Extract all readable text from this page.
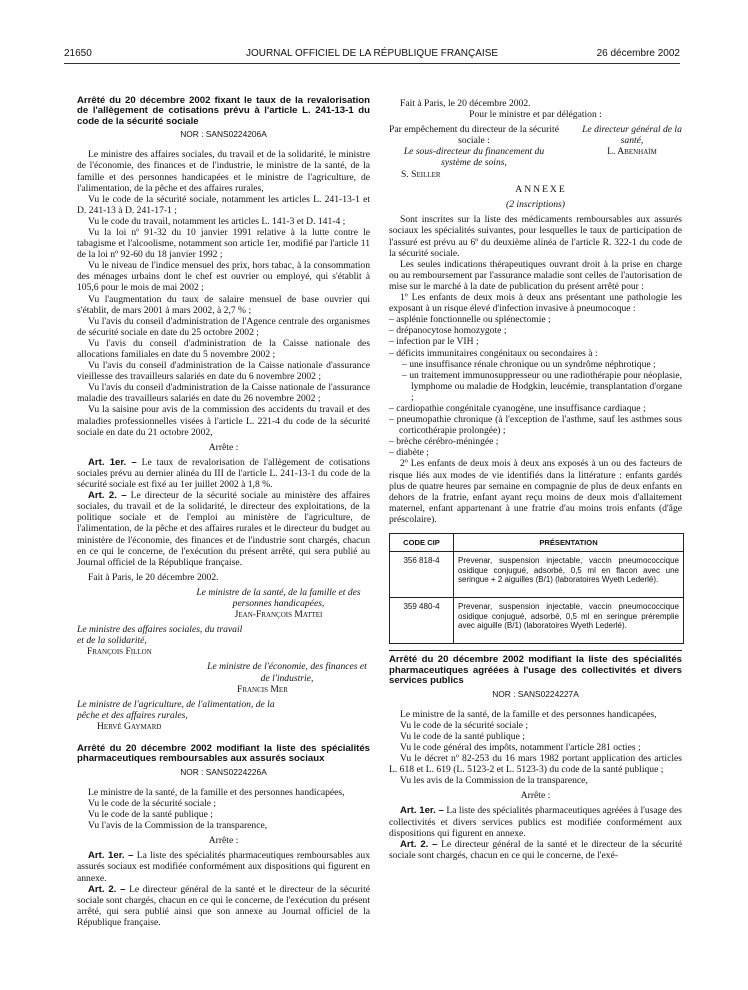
21650	JOURNAL OFFICIEL DE LA RÉPUBLIQUE FRANÇAISE	26 décembre 2002
Arrêté du 20 décembre 2002 fixant le taux de la revalorisation de l'allègement de cotisations prévu à l'article L. 241-13-1 du code de la sécurité sociale
NOR : SANS0224206A

Le ministre des affaires sociales, du travail et de la solidarité, le ministre de l'économie, des finances et de l'industrie, le ministre de la santé, de la famille et des personnes handicapées et le ministre de l'agriculture, de l'alimentation, de la pêche et des affaires rurales,

Vu le code de la sécurité sociale, notamment les articles L. 241-13-1 et D. 241-13 à D. 241-17-1 ;

Vu le code du travail, notamment les articles L. 141-3 et D. 141-4 ;

Vu la loi nº 91-32 du 10 janvier 1991 relative à la lutte contre le tabagisme et l'alcoolisme, notamment son article 1er, modifié par l'article 11 de la loi nº 92-60 du 18 janvier 1992 ;

Vu le niveau de l'indice mensuel des prix, hors tabac, à la consommation des ménages urbains dont le chef est ouvrier ou employé, qui s'établit à 105,6 pour le mois de mai 2002 ;

Vu l'augmentation du taux de salaire mensuel de base ouvrier qui s'établit, de mars 2001 à mars 2002, à 2,7 % ;

Vu l'avis du conseil d'administration de l'Agence centrale des organismes de sécurité sociale en date du 25 octobre 2002 ;

Vu l'avis du conseil d'administration de la Caisse nationale des allocations familiales en date du 5 novembre 2002 ;

Vu l'avis du conseil d'administration de la Caisse nationale d'assurance vieillesse des travailleurs salariés en date du 6 novembre 2002 ;

Vu l'avis du conseil d'administration de la Caisse nationale de l'assurance maladie des travailleurs salariés en date du 26 novembre 2002 ;

Vu la saisine pour avis de la commission des accidents du travail et des maladies professionnelles visées à l'article L. 221-4 du code de la sécurité sociale en date du 21 octobre 2002,

Arrête :

Art. 1er. – Le taux de revalorisation de l'allègement de cotisations sociales prévu au dernier alinéa du III de l'article L. 241-13-1 du code de la sécurité sociale est fixé au 1er juillet 2002 à 1,8 %.

Art. 2. – Le directeur de la sécurité sociale au ministère des affaires sociales, du travail et de la solidarité, le directeur des exploitations, de la politique sociale et de l'emploi au ministère de l'agriculture, de l'alimentation, de la pêche et des affaires rurales et le directeur du budget au ministère de l'économie, des finances et de l'industrie sont chargés, chacun en ce qui le concerne, de l'exécution du présent arrêté, qui sera publié au Journal officiel de la République française.

Fait à Paris, le 20 décembre 2002.

Le ministre de la santé, de la famille et des personnes handicapées,
Jean-François Mattei
Le ministre des affaires sociales, du travail et de la solidarité,
François Fillon
Le ministre de l'économie, des finances et de l'industrie,
Francis Mer
Le ministre de l'agriculture, de l'alimentation, de la pêche et des affaires rurales,
Hervé Gaymard
Arrêté du 20 décembre 2002 modifiant la liste des spécialités pharmaceutiques remboursables aux assurés sociaux
NOR : SANS0224226A

Le ministre de la santé, de la famille et des personnes handicapées,

Vu le code de la sécurité sociale ;

Vu le code de la santé publique ;

Vu l'avis de la Commission de la transparence,

Arrête :

Art. 1er. – La liste des spécialités pharmaceutiques remboursables aux assurés sociaux est modifiée conformément aux dispositions qui figurent en annexe.

Art. 2. – Le directeur général de la santé et le directeur de la sécurité sociale sont chargés, chacun en ce qui le concerne, de l'exécution du présent arrêté, qui sera publié ainsi que son annexe au Journal officiel de la République française.

Fait à Paris, le 20 décembre 2002.

Pour le ministre et par délégation :

Par empêchement du directeur de la sécurité sociale :
Le sous-directeur du financement du système de soins,
S. Seiller
Le directeur général de la santé,
L. Abenhaïm

ANNEXE

(2 inscriptions)

Sont inscrites sur la liste des médicaments remboursables aux assurés sociaux les spécialités suivantes, pour lesquelles le taux de participation de l'assuré est prévu au 6º du deuxième alinéa de l'article R. 322-1 du code de la sécurité sociale.

Les seules indications thérapeutiques ouvrant droit à la prise en charge ou au remboursement par l'assurance maladie sont celles de l'autorisation de mise sur le marché à la date de publication du présent arrêté pour :

1º Les enfants de deux mois à deux ans présentant une pathologie les exposant à un risque élevé d'infection invasive à pneumocoque :

– asplénie fonctionnelle ou splénectomie ;
– drépanocytose homozygote ;
– infection par le VIH ;
– déficits immunitaires congénitaux ou secondaires à :
– une insuffisance rénale chronique ou un syndrôme néphrotique ;
– un traitement immunosuppresseur ou une radiothérapie pour néoplasie, lymphome ou maladie de Hodgkin, leucémie, transplantation d'organe ;
– cardiopathie congénitale cyanogène, une insuffisance cardiaque ;
– pneumopathie chronique (à l'exception de l'asthme, sauf les asthmes sous corticothérapie prolongée) ;
– brèche cérébro-méningée ;
– diabète ;

2º Les enfants de deux mois à deux ans exposés à un ou des facteurs de risque liés aux modes de vie identifiés dans la littérature : enfants gardés plus de quatre heures par semaine en compagnie de plus de deux enfants en dehors de la fratrie, enfant ayant reçu moins de deux mois d'allaitement maternel, enfant appartenant à une fratrie d'au moins trois enfants (d'âge préscolaire).

CODE CIP	PRÉSENTATION
356 818-4	Prevenar, suspension injectable, vaccin pneumococcique osidique conjugué, adsorbé, 0,5 ml en flacon avec une seringue + 2 aiguilles (B/1) (laboratoires Wyeth Lederlé).
359 480-4	Prevenar, suspension injectable, vaccin pneumococcique osidique conjugué, adsorbé, 0,5 ml en seringue préremplie avec aiguille (B/1) (laboratoires Wyeth Lederlé).
Arrêté du 20 décembre 2002 modifiant la liste des spécialités pharmaceutiques agréées à l'usage des collectivités et divers services publics
NOR : SANS0224227A

Le ministre de la santé, de la famille et des personnes handicapées,

Vu le code de la sécurité sociale ;

Vu le code de la santé publique ;

Vu le code général des impôts, notamment l'article 281 octies ;

Vu le décret nº 82-253 du 16 mars 1982 portant application des articles L. 618 et L. 619 (L. 5123-2 et L. 5123-3) du code de la santé publique ;

Vu les avis de la Commission de la transparence,

Arrête :

Art. 1er. – La liste des spécialités pharmaceutiques agréées à l'usage des collectivités et divers services publics est modifiée conformément aux dispositions qui figurent en annexe.

Art. 2. – Le directeur général de la santé et le directeur de la sécurité sociale sont chargés, chacun en ce qui le concerne, de l'exé-
